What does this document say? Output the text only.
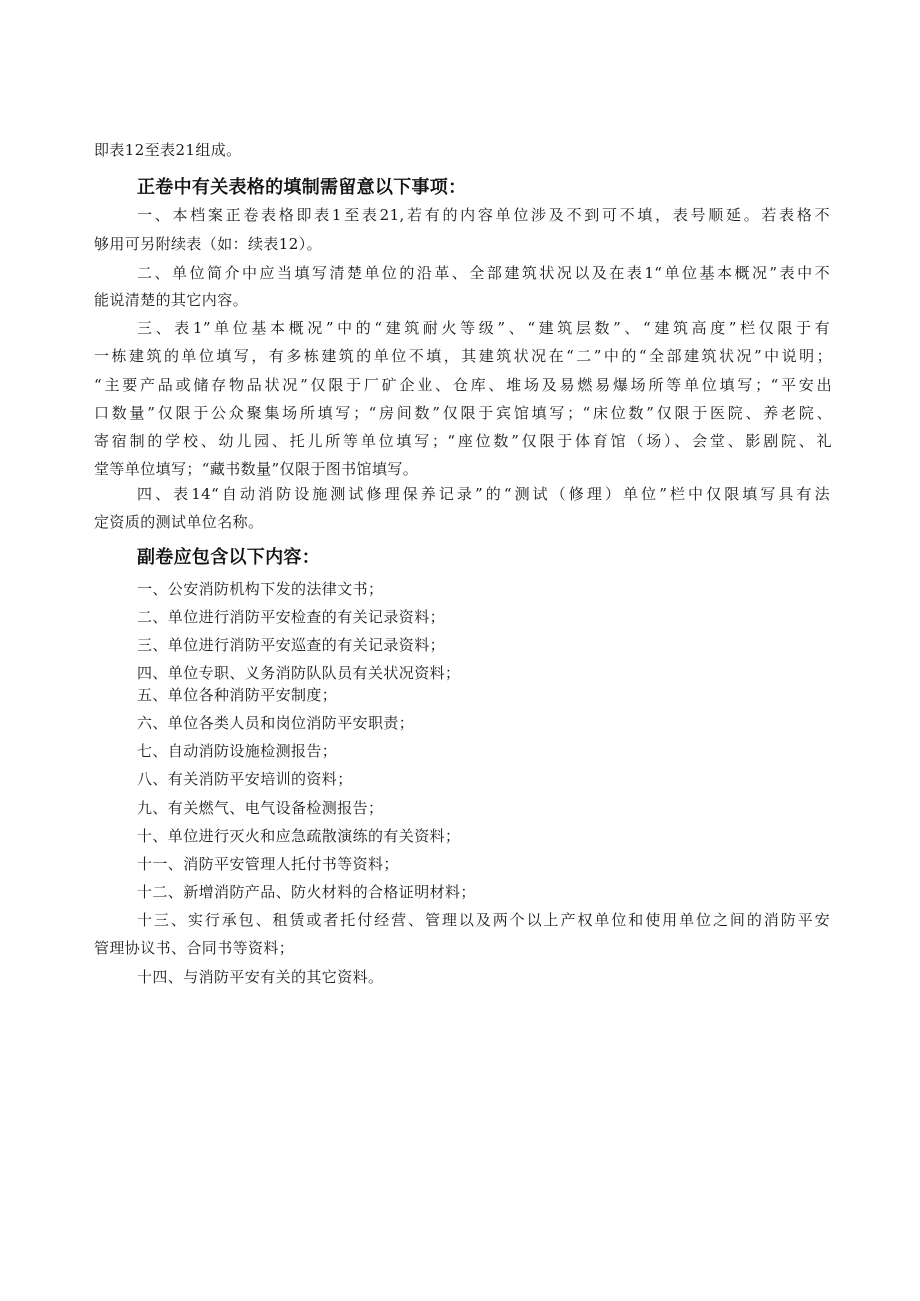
即表12至表21组成。
正卷中有关表格的填制需留意以下事项：
一、本档案正卷表格即表1至表21,若有的内容单位涉及不到可不填，表号顺延。若表格不
够用可另附续表（如：续表12）。
二、单位简介中应当填写清楚单位的沿革、全部建筑状况以及在表1“单位基本概况”表中不
能说清楚的其它内容。
三、表1”单位基本概况”中的“建筑耐火等级”、“建筑层数”、“建筑高度”栏仅限于有
一栋建筑的单位填写，有多栋建筑的单位不填，其建筑状况在“二”中的“全部建筑状况”中说明；
“主要产品或储存物品状况”仅限于厂矿企业、仓库、堆场及易燃易爆场所等单位填写；“平安出
口数量”仅限于公众聚集场所填写；“房间数”仅限于宾馆填写；“床位数”仅限于医院、养老院、
寄宿制的学校、幼儿园、托儿所等单位填写；“座位数”仅限于体育馆（场）、会堂、影剧院、礼
堂等单位填写；“藏书数量”仅限于图书馆填写。
四、表14“自动消防设施测试修理保养记录”的“测试（修理）单位”栏中仅限填写具有法
定资质的测试单位名称。
副卷应包含以下内容：
一、公安消防机构下发的法律文书；
二、单位进行消防平安检查的有关记录资料；
三、单位进行消防平安巡查的有关记录资料；
四、单位专职、义务消防队队员有关状况资料；
五、单位各种消防平安制度；
六、单位各类人员和岗位消防平安职责；
七、自动消防设施检测报告；
八、有关消防平安培训的资料；
九、有关燃气、电气设备检测报告；
十、单位进行灭火和应急疏散演练的有关资料；
十一、消防平安管理人托付书等资料；
十二、新增消防产品、防火材料的合格证明材料；
十三、实行承包、租赁或者托付经营、管理以及两个以上产权单位和使用单位之间的消防平安
管理协议书、合同书等资料；
十四、与消防平安有关的其它资料。
